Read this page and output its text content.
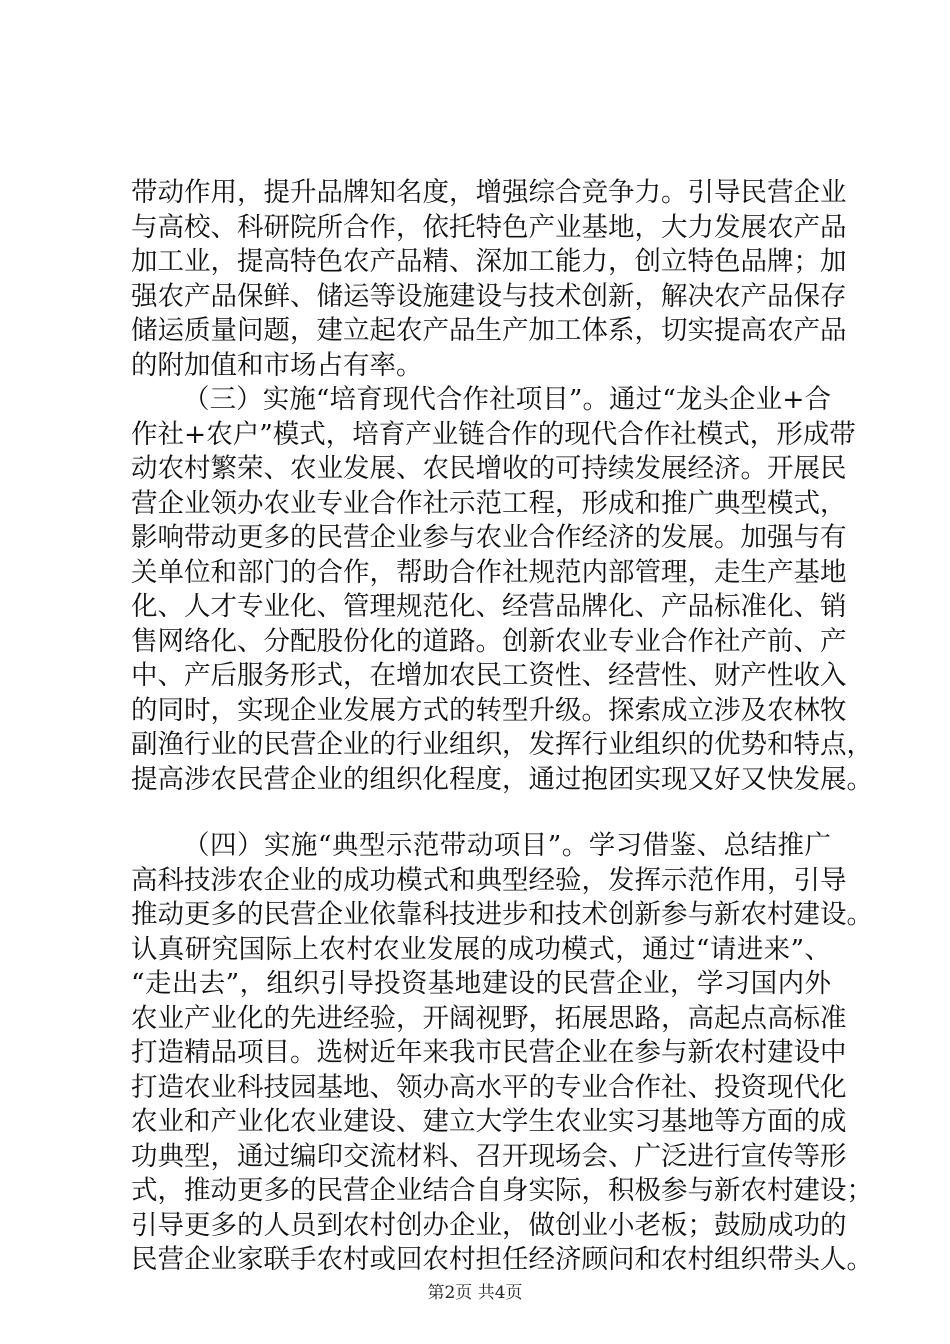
带动作用，提升品牌知名度，增强综合竞争力。引导民营企业
与高校、科研院所合作，依托特色产业基地，大力发展农产品
加工业，提高特色农产品精、深加工能力，创立特色品牌；加
强农产品保鲜、储运等设施建设与技术创新，解决农产品保存
储运质量问题，建立起农产品生产加工体系，切实提高农产品
的附加值和市场占有率。
（三）实施“培育现代合作社项目”。通过“龙头企业+合
作社+农户”模式，培育产业链合作的现代合作社模式，形成带
动农村繁荣、农业发展、农民增收的可持续发展经济。开展民
营企业领办农业专业合作社示范工程，形成和推广典型模式，
影响带动更多的民营企业参与农业合作经济的发展。加强与有
关单位和部门的合作，帮助合作社规范内部管理，走生产基地
化、人才专业化、管理规范化、经营品牌化、产品标准化、销
售网络化、分配股份化的道路。创新农业专业合作社产前、产
中、产后服务形式，在增加农民工资性、经营性、财产性收入
的同时，实现企业发展方式的转型升级。探索成立涉及农林牧
副渔行业的民营企业的行业组织，发挥行业组织的优势和特点，
提高涉农民营企业的组织化程度，通过抱团实现又好又快发展。
（四）实施“典型示范带动项目”。学习借鉴、总结推广
高科技涉农企业的成功模式和典型经验，发挥示范作用，引导
推动更多的民营企业依靠科技进步和技术创新参与新农村建设。
认真研究国际上农村农业发展的成功模式，通过“请进来”、
“走出去”，组织引导投资基地建设的民营企业，学习国内外
农业产业化的先进经验，开阔视野，拓展思路，高起点高标准
打造精品项目。选树近年来我市民营企业在参与新农村建设中
打造农业科技园基地、领办高水平的专业合作社、投资现代化
农业和产业化农业建设、建立大学生农业实习基地等方面的成
功典型，通过编印交流材料、召开现场会、广泛进行宣传等形
式，推动更多的民营企业结合自身实际，积极参与新农村建设；
引导更多的人员到农村创办企业，做创业小老板；鼓励成功的
民营企业家联手农村或回农村担任经济顾问和农村组织带头人。
第2页 共4页
